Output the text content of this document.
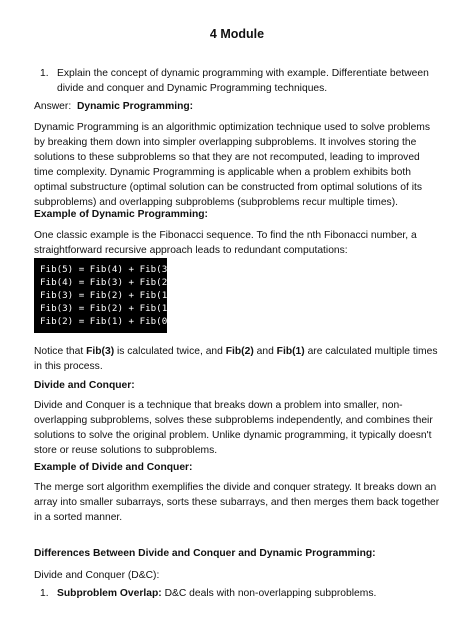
4 Module
1. Explain the concept of dynamic programming with example. Differentiate between divide and conquer and Dynamic Programming techniques.

Answer: Dynamic Programming:

Dynamic Programming is an algorithmic optimization technique used to solve problems by breaking them down into simpler overlapping subproblems. It involves storing the solutions to these subproblems so that they are not recomputed, leading to improved time complexity. Dynamic Programming is applicable when a problem exhibits both optimal substructure (optimal solution can be constructed from optimal solutions of its subproblems) and overlapping subproblems (subproblems recur multiple times).

Example of Dynamic Programming:

One classic example is the Fibonacci sequence. To find the nth Fibonacci number, a straightforward recursive approach leads to redundant computations:

Fib(5) = Fib(4) + Fib(3)
Fib(4) = Fib(3) + Fib(2)
Fib(3) = Fib(2) + Fib(1)
Fib(3) = Fib(2) + Fib(1)
Fib(2) = Fib(1) + Fib(0)

Notice that Fib(3) is calculated twice, and Fib(2) and Fib(1) are calculated multiple times in this process.

Divide and Conquer:

Divide and Conquer is a technique that breaks down a problem into smaller, non-overlapping subproblems, solves these subproblems independently, and combines their solutions to solve the original problem. Unlike dynamic programming, it typically doesn't store or reuse solutions to subproblems.

Example of Divide and Conquer:

The merge sort algorithm exemplifies the divide and conquer strategy. It breaks down an array into smaller subarrays, sorts these subarrays, and then merges them back together in a sorted manner.

Differences Between Divide and Conquer and Dynamic Programming:

Divide and Conquer (D&C):

1. Subproblem Overlap: D&C deals with non-overlapping subproblems.
